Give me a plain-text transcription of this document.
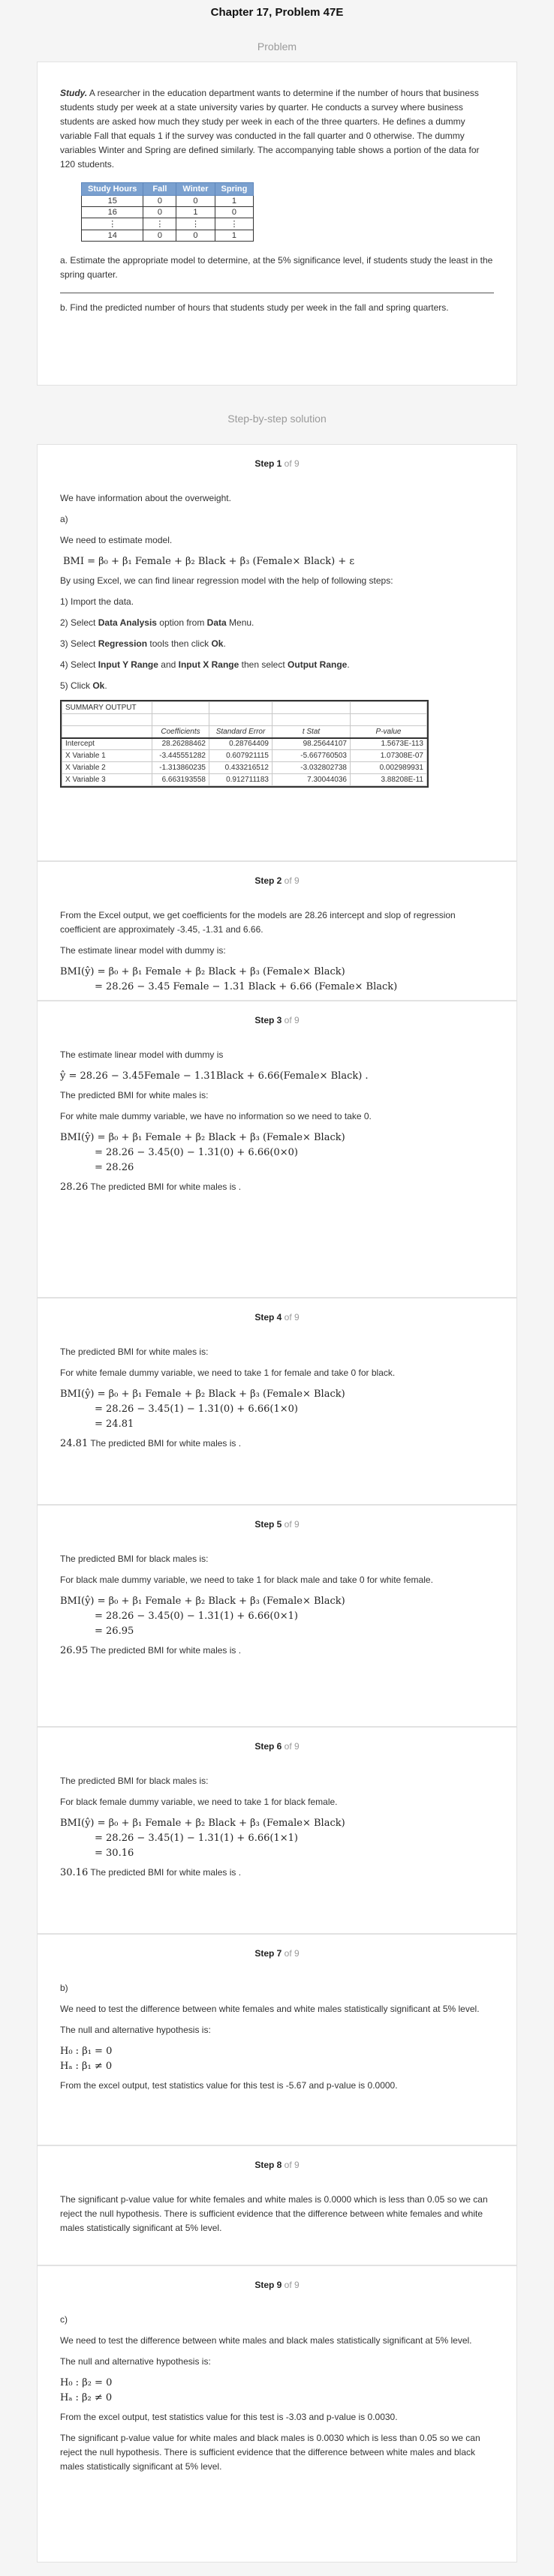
Chapter 17, Problem 47E
Problem

Study. A researcher in the education department wants to determine if the number of hours that business students study per week at a state university varies by quarter. He conducts a survey where business students are asked how much they study per week in each of the three quarters. He defines a dummy variable Fall that equals 1 if the survey was conducted in the fall quarter and 0 otherwise. The dummy variables Winter and Spring are defined similarly. The accompanying table shows a portion of the data for 120 students.

Study Hours	Fall	Winter	Spring
15	0	0	1
16	0	1	0
⋮	⋮	⋮	⋮
14	0	0	1

a. Estimate the appropriate model to determine, at the 5% significance level, if students study the least in the spring quarter.

b. Find the predicted number of hours that students study per week in the fall and spring quarters.

Step-by-step solution
Step 1 of 9

We have information about the overweight.

a)

We need to estimate model.

BMI = β₀ + β₁ Female + β₂ Black + β₃ (Female× Black) + ε

By using Excel, we can find linear regression model with the help of following steps:

1) Import the data.

2) Select Data Analysis option from Data Menu.

3) Select Regression tools then click Ok.

4) Select Input Y Range and Input X Range then select Output Range.

5) Click Ok.

SUMMARY OUTPUT				

	Coefficients	Standard Error	t Stat	P-value
Intercept	28.26288462	0.28764409	98.25644107	1.5673E-113
X Variable 1	-3.445551282	0.607921115	-5.66776050​3	1.07308E-07
X Variable 2	-1.313860235	0.433216512	-3.032802738	0.002989931
X Variable 3	6.663193558	0.912711183	7.30044036	3.88208E-11
Step 2 of 9

From the Excel output, we get coefficients for the models are 28.26 intercept and slop of regression coefficient are approximately -3.45, -1.31 and 6.66.

The estimate linear model with dummy is:

BMI(ŷ) = β₀ + β₁ Female + β₂ Black + β₃ (Female× Black)
= 28.26 − 3.45 Female − 1.31 Black + 6.66 (Female× Black)
Step 3 of 9

The estimate linear model with dummy is

ŷ = 28.26 − 3.45Female − 1.31Black + 6.66(Female× Black) .

The predicted BMI for white males is:

For white male dummy variable, we have no information so we need to take 0.

BMI(ŷ) = β₀ + β₁ Female + β₂ Black + β₃ (Female× Black)
= 28.26 − 3.45(0) − 1.31(0) + 6.66(0×0)
= 28.26

28.26 The predicted BMI for white males is .

Step 4 of 9

The predicted BMI for white males is:

For white female dummy variable, we need to take 1 for female and take 0 for black.

BMI(ŷ) = β₀ + β₁ Female + β₂ Black + β₃ (Female× Black)
= 28.26 − 3.45(1) − 1.31(0) + 6.66(1×0)
= 24.81

24.81 The predicted BMI for white males is .

Step 5 of 9

The predicted BMI for black males is:

For black male dummy variable, we need to take 1 for black male and take 0 for white female.

BMI(ŷ) = β₀ + β₁ Female + β₂ Black + β₃ (Female× Black)
= 28.26 − 3.45(0) − 1.31(1) + 6.66(0×1)
= 26.95

26.95 The predicted BMI for white males is .

Step 6 of 9

The predicted BMI for black males is:

For black female dummy variable, we need to take 1 for black female.

BMI(ŷ) = β₀ + β₁ Female + β₂ Black + β₃ (Female× Black)
= 28.26 − 3.45(1) − 1.31(1) + 6.66(1×1)
= 30.16

30.16 The predicted BMI for white males is .

Step 7 of 9

b)

We need to test the difference between white females and white males statistically significant at 5% level.

The null and alternative hypothesis is:

H₀ : β₁ = 0
Hₐ : β₁ ≠ 0

From the excel output, test statistics value for this test is -5.67 and p-value is 0.0000.

Step 8 of 9

The significant p-value value for white females and white males is 0.0000 which is less than 0.05 so we can reject the null hypothesis. There is sufficient evidence that the difference between white females and white males statistically significant at 5% level.

Step 9 of 9

c)

We need to test the difference between white males and black males statistically significant at 5% level.

The null and alternative hypothesis is:

H₀ : β₂ = 0
Hₐ : β₂ ≠ 0

From the excel output, test statistics value for this test is -3.03 and p-value is 0.0030.

The significant p-value value for white males and black males is 0.0030 which is less than 0.05 so we can reject the null hypothesis. There is sufficient evidence that the difference between white males and black males statistically significant at 5% level.
